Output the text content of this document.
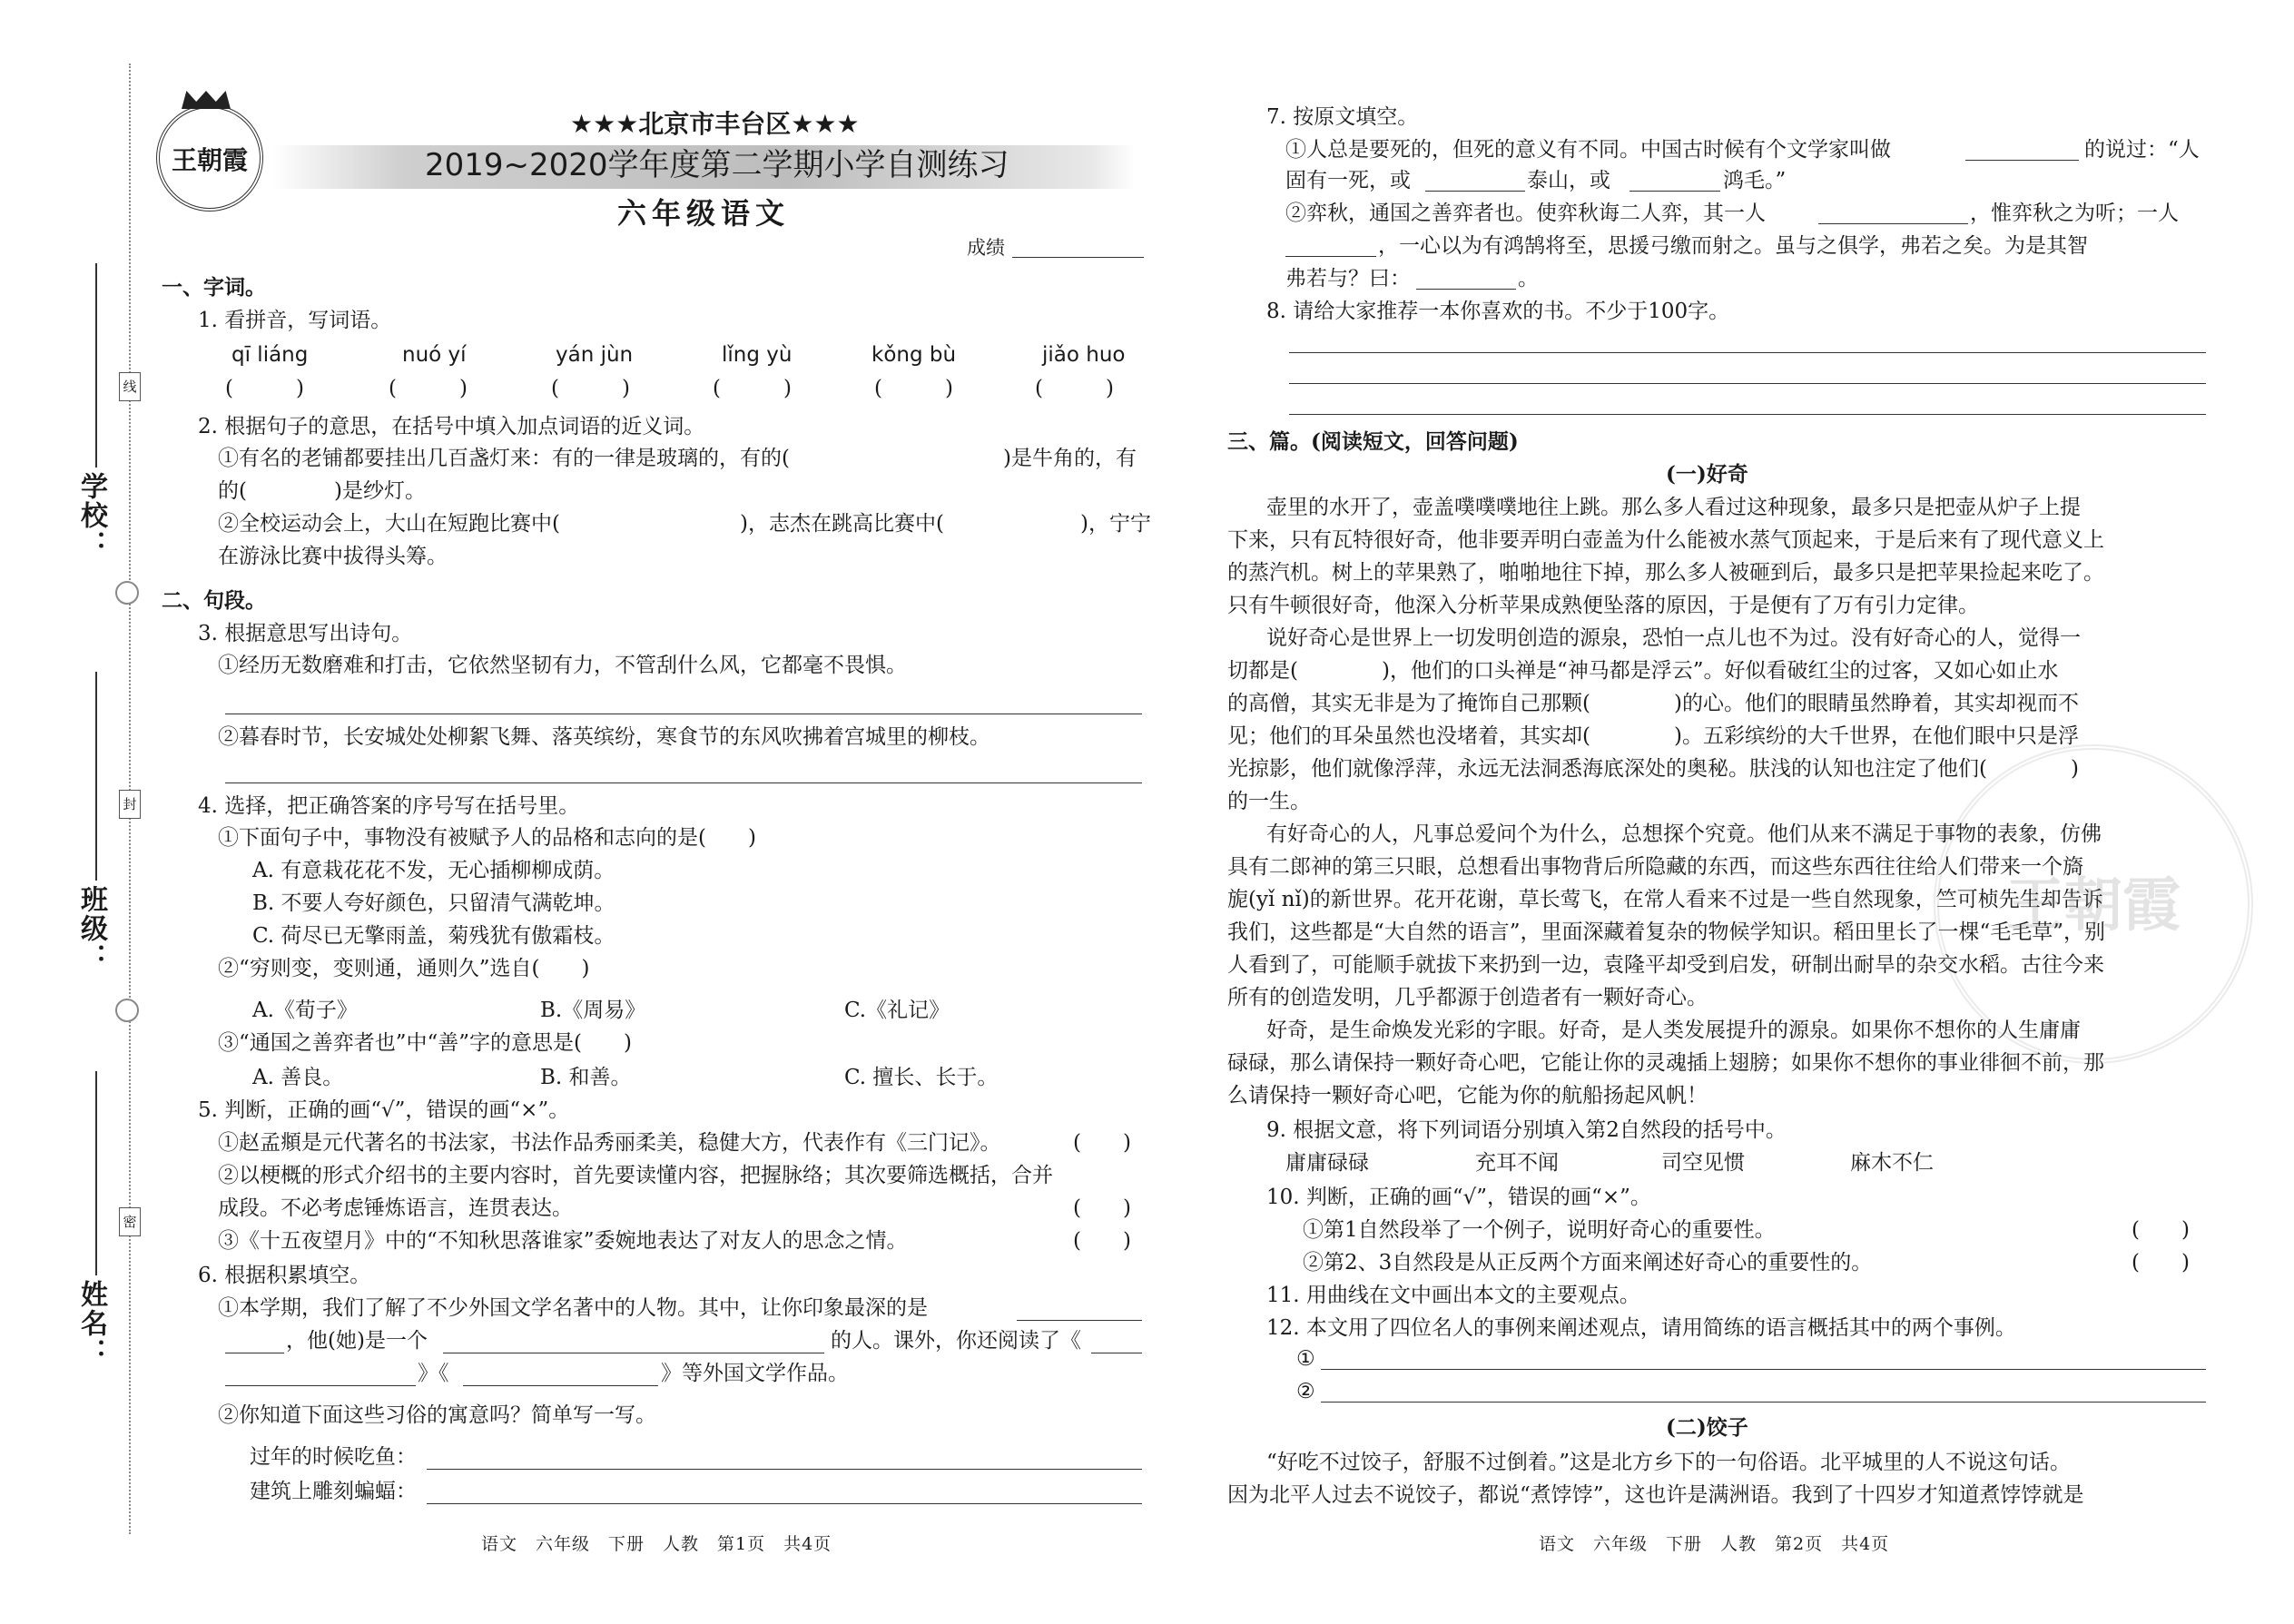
学校：
班级：
姓名：
线
封
密
王朝霞
★★★北京市丰台区★★★
2019~2020学年度第二学期小学自测练习
六年级语文
成绩
一、字词。
1. 看拼音，写词语。
qī liáng	nuó yí	yán jùn	lǐng yù	kǒng bù	jiǎo huo
(　　　)	(　　　)	(　　　)	(　　　)	(　　　)	(　　　)
2. 根据句子的意思，在括号中填入加点词语的近义词。
①有名的老铺都要挂出几百盏灯来：有的一律是玻璃的，有的(	)是牛角的，有
的(	)是纱灯。
②全校运动会上，大山在短跑比赛中(	)，志杰在跳高比赛中(	)，宁宁
在游泳比赛中拔得头筹。
二、句段。
3. 根据意思写出诗句。
①经历无数磨难和打击，它依然坚韧有力，不管刮什么风，它都毫不畏惧。
②暮春时节，长安城处处柳絮飞舞、落英缤纷，寒食节的东风吹拂着宫城里的柳枝。
4. 选择，把正确答案的序号写在括号里。
①下面句子中，事物没有被赋予人的品格和志向的是(　　)
A. 有意栽花花不发，无心插柳柳成荫。
B. 不要人夸好颜色，只留清气满乾坤。
C. 荷尽已无擎雨盖，菊残犹有傲霜枝。
②“穷则变，变则通，通则久”选自(　　)
A.《荀子》	B.《周易》	C.《礼记》
③“通国之善弈者也”中“善”字的意思是(　　)
A. 善良。	B. 和善。	C. 擅长、长于。
5. 判断，正确的画“√”，错误的画“×”。
①赵孟頫是元代著名的书法家，书法作品秀丽柔美，稳健大方，代表作有《三门记》。	(　　)
②以梗概的形式介绍书的主要内容时，首先要读懂内容，把握脉络；其次要筛选概括，合并
成段。不必考虑锤炼语言，连贯表达。	(　　)
③《十五夜望月》中的“不知秋思落谁家”委婉地表达了对友人的思念之情。	(　　)
6. 根据积累填空。
①本学期，我们了解了不少外国文学名著中的人物。其中，让你印象最深的是
，他(她)是一个	的人。课外，你还阅读了《
》《	》等外国文学作品。
②你知道下面这些习俗的寓意吗？简单写一写。
过年的时候吃鱼：
建筑上雕刻蝙蝠：
语文　六年级　下册　人教　第1页　共4页
7. 按原文填空。
①人总是要死的，但死的意义有不同。中国古时候有个文学家叫做	的说过：“人
固有一死，或	泰山，或	鸿毛。”
②弈秋，通国之善弈者也。使弈秋诲二人弈，其一人	，惟弈秋之为听；一人
，一心以为有鸿鹄将至，思援弓缴而射之。虽与之俱学，弗若之矣。为是其智
弗若与？曰：	。
8. 请给大家推荐一本你喜欢的书。不少于100字。
三、篇。(阅读短文，回答问题)
(一)好奇
壶里的水开了，壶盖噗噗噗地往上跳。那么多人看过这种现象，最多只是把壶从炉子上提
下来，只有瓦特很好奇，他非要弄明白壶盖为什么能被水蒸气顶起来，于是后来有了现代意义上
的蒸汽机。树上的苹果熟了，啪啪地往下掉，那么多人被砸到后，最多只是把苹果捡起来吃了。
只有牛顿很好奇，他深入分析苹果成熟便坠落的原因，于是便有了万有引力定律。
说好奇心是世界上一切发明创造的源泉，恐怕一点儿也不为过。没有好奇心的人，觉得一
切都是(　　　　)，他们的口头禅是“神马都是浮云”。好似看破红尘的过客，又如心如止水
的高僧，其实无非是为了掩饰自己那颗(　　　　)的心。他们的眼睛虽然睁着，其实却视而不
见；他们的耳朵虽然也没堵着，其实却(　　　　)。五彩缤纷的大千世界，在他们眼中只是浮
光掠影，他们就像浮萍，永远无法洞悉海底深处的奥秘。肤浅的认知也注定了他们(　　　　)
的一生。
有好奇心的人，凡事总爱问个为什么，总想探个究竟。他们从来不满足于事物的表象，仿佛
具有二郎神的第三只眼，总想看出事物背后所隐藏的东西，而这些东西往往给人们带来一个旖
旎(yǐ nǐ)的新世界。花开花谢，草长莺飞，在常人看来不过是一些自然现象，竺可桢先生却告诉
我们，这些都是“大自然的语言”，里面深藏着复杂的物候学知识。稻田里长了一棵“毛毛草”，别
人看到了，可能顺手就拔下来扔到一边，袁隆平却受到启发，研制出耐旱的杂交水稻。古往今来
所有的创造发明，几乎都源于创造者有一颗好奇心。
好奇，是生命焕发光彩的字眼。好奇，是人类发展提升的源泉。如果你不想你的人生庸庸
碌碌，那么请保持一颗好奇心吧，它能让你的灵魂插上翅膀；如果你不想你的事业徘徊不前，那
么请保持一颗好奇心吧，它能为你的航船扬起风帆！
9. 根据文意，将下列词语分别填入第2自然段的括号中。
庸庸碌碌	充耳不闻	司空见惯	麻木不仁
10. 判断，正确的画“√”，错误的画“×”。
①第1自然段举了一个例子，说明好奇心的重要性。	(　　)
②第2、3自然段是从正反两个方面来阐述好奇心的重要性的。	(　　)
11. 用曲线在文中画出本文的主要观点。
12. 本文用了四位名人的事例来阐述观点，请用简练的语言概括其中的两个事例。
①
②
(二)饺子
“好吃不过饺子，舒服不过倒着。”这是北方乡下的一句俗语。北平城里的人不说这句话。
因为北平人过去不说饺子，都说“煮饽饽”，这也许是满洲语。我到了十四岁才知道煮饽饽就是
语文　六年级　下册　人教　第2页　共4页
王朝霞
